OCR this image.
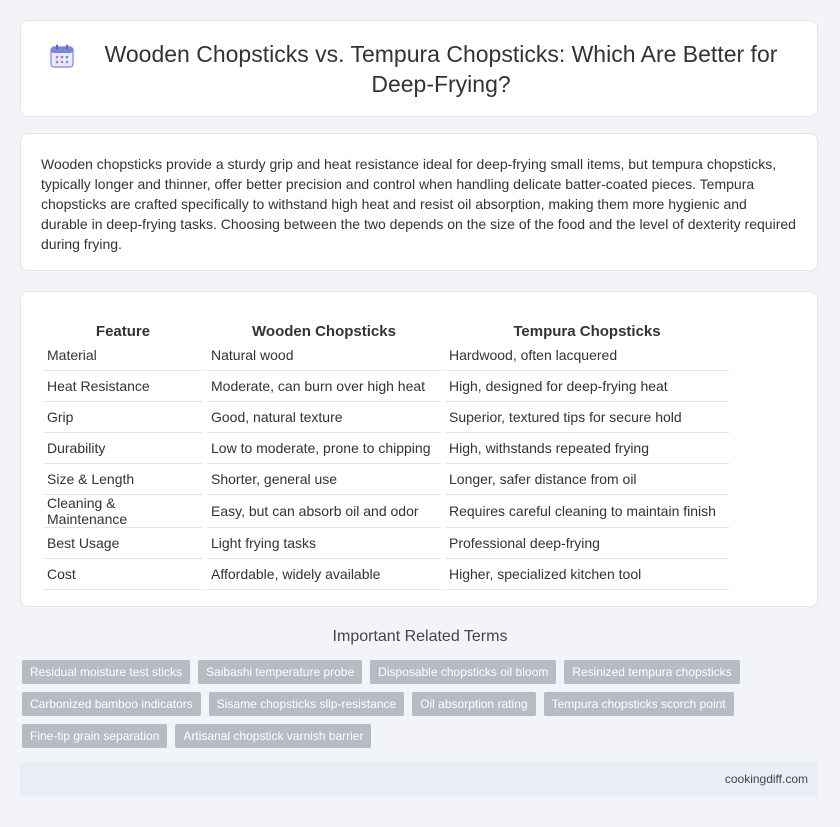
Wooden Chopsticks vs. Tempura Chopsticks: Which Are Better for Deep-Frying?

Wooden chopsticks provide a sturdy grip and heat resistance ideal for deep-frying small items, but tempura chopsticks, typically longer and thinner, offer better precision and control when handling delicate batter-coated pieces. Tempura chopsticks are crafted specifically to withstand high heat and resist oil absorption, making them more hygienic and durable in deep-frying tasks. Choosing between the two depends on the size of the food and the level of dexterity required during frying.

Feature	Wooden Chopsticks	Tempura Chopsticks
Material	Natural wood	Hardwood, often lacquered
Heat Resistance	Moderate, can burn over high heat	High, designed for deep-frying heat
Grip	Good, natural texture	Superior, textured tips for secure hold
Durability	Low to moderate, prone to chipping	High, withstands repeated frying
Size & Length	Shorter, general use	Longer, safer distance from oil
Cleaning & Maintenance	Easy, but can absorb oil and odor	Requires careful cleaning to maintain finish
Best Usage	Light frying tasks	Professional deep-frying
Cost	Affordable, widely available	Higher, specialized kitchen tool
Important Related Terms
Residual moisture test sticks	Saibashi temperature probe	Disposable chopsticks oil bloom	Resinized tempura chopsticks
Carbonized bamboo indicators	Sisame chopsticks slip-resistance	Oil absorption rating	Tempura chopsticks scorch point
Fine-tip grain separation	Artisanal chopstick varnish barrier
cookingdiff.com
